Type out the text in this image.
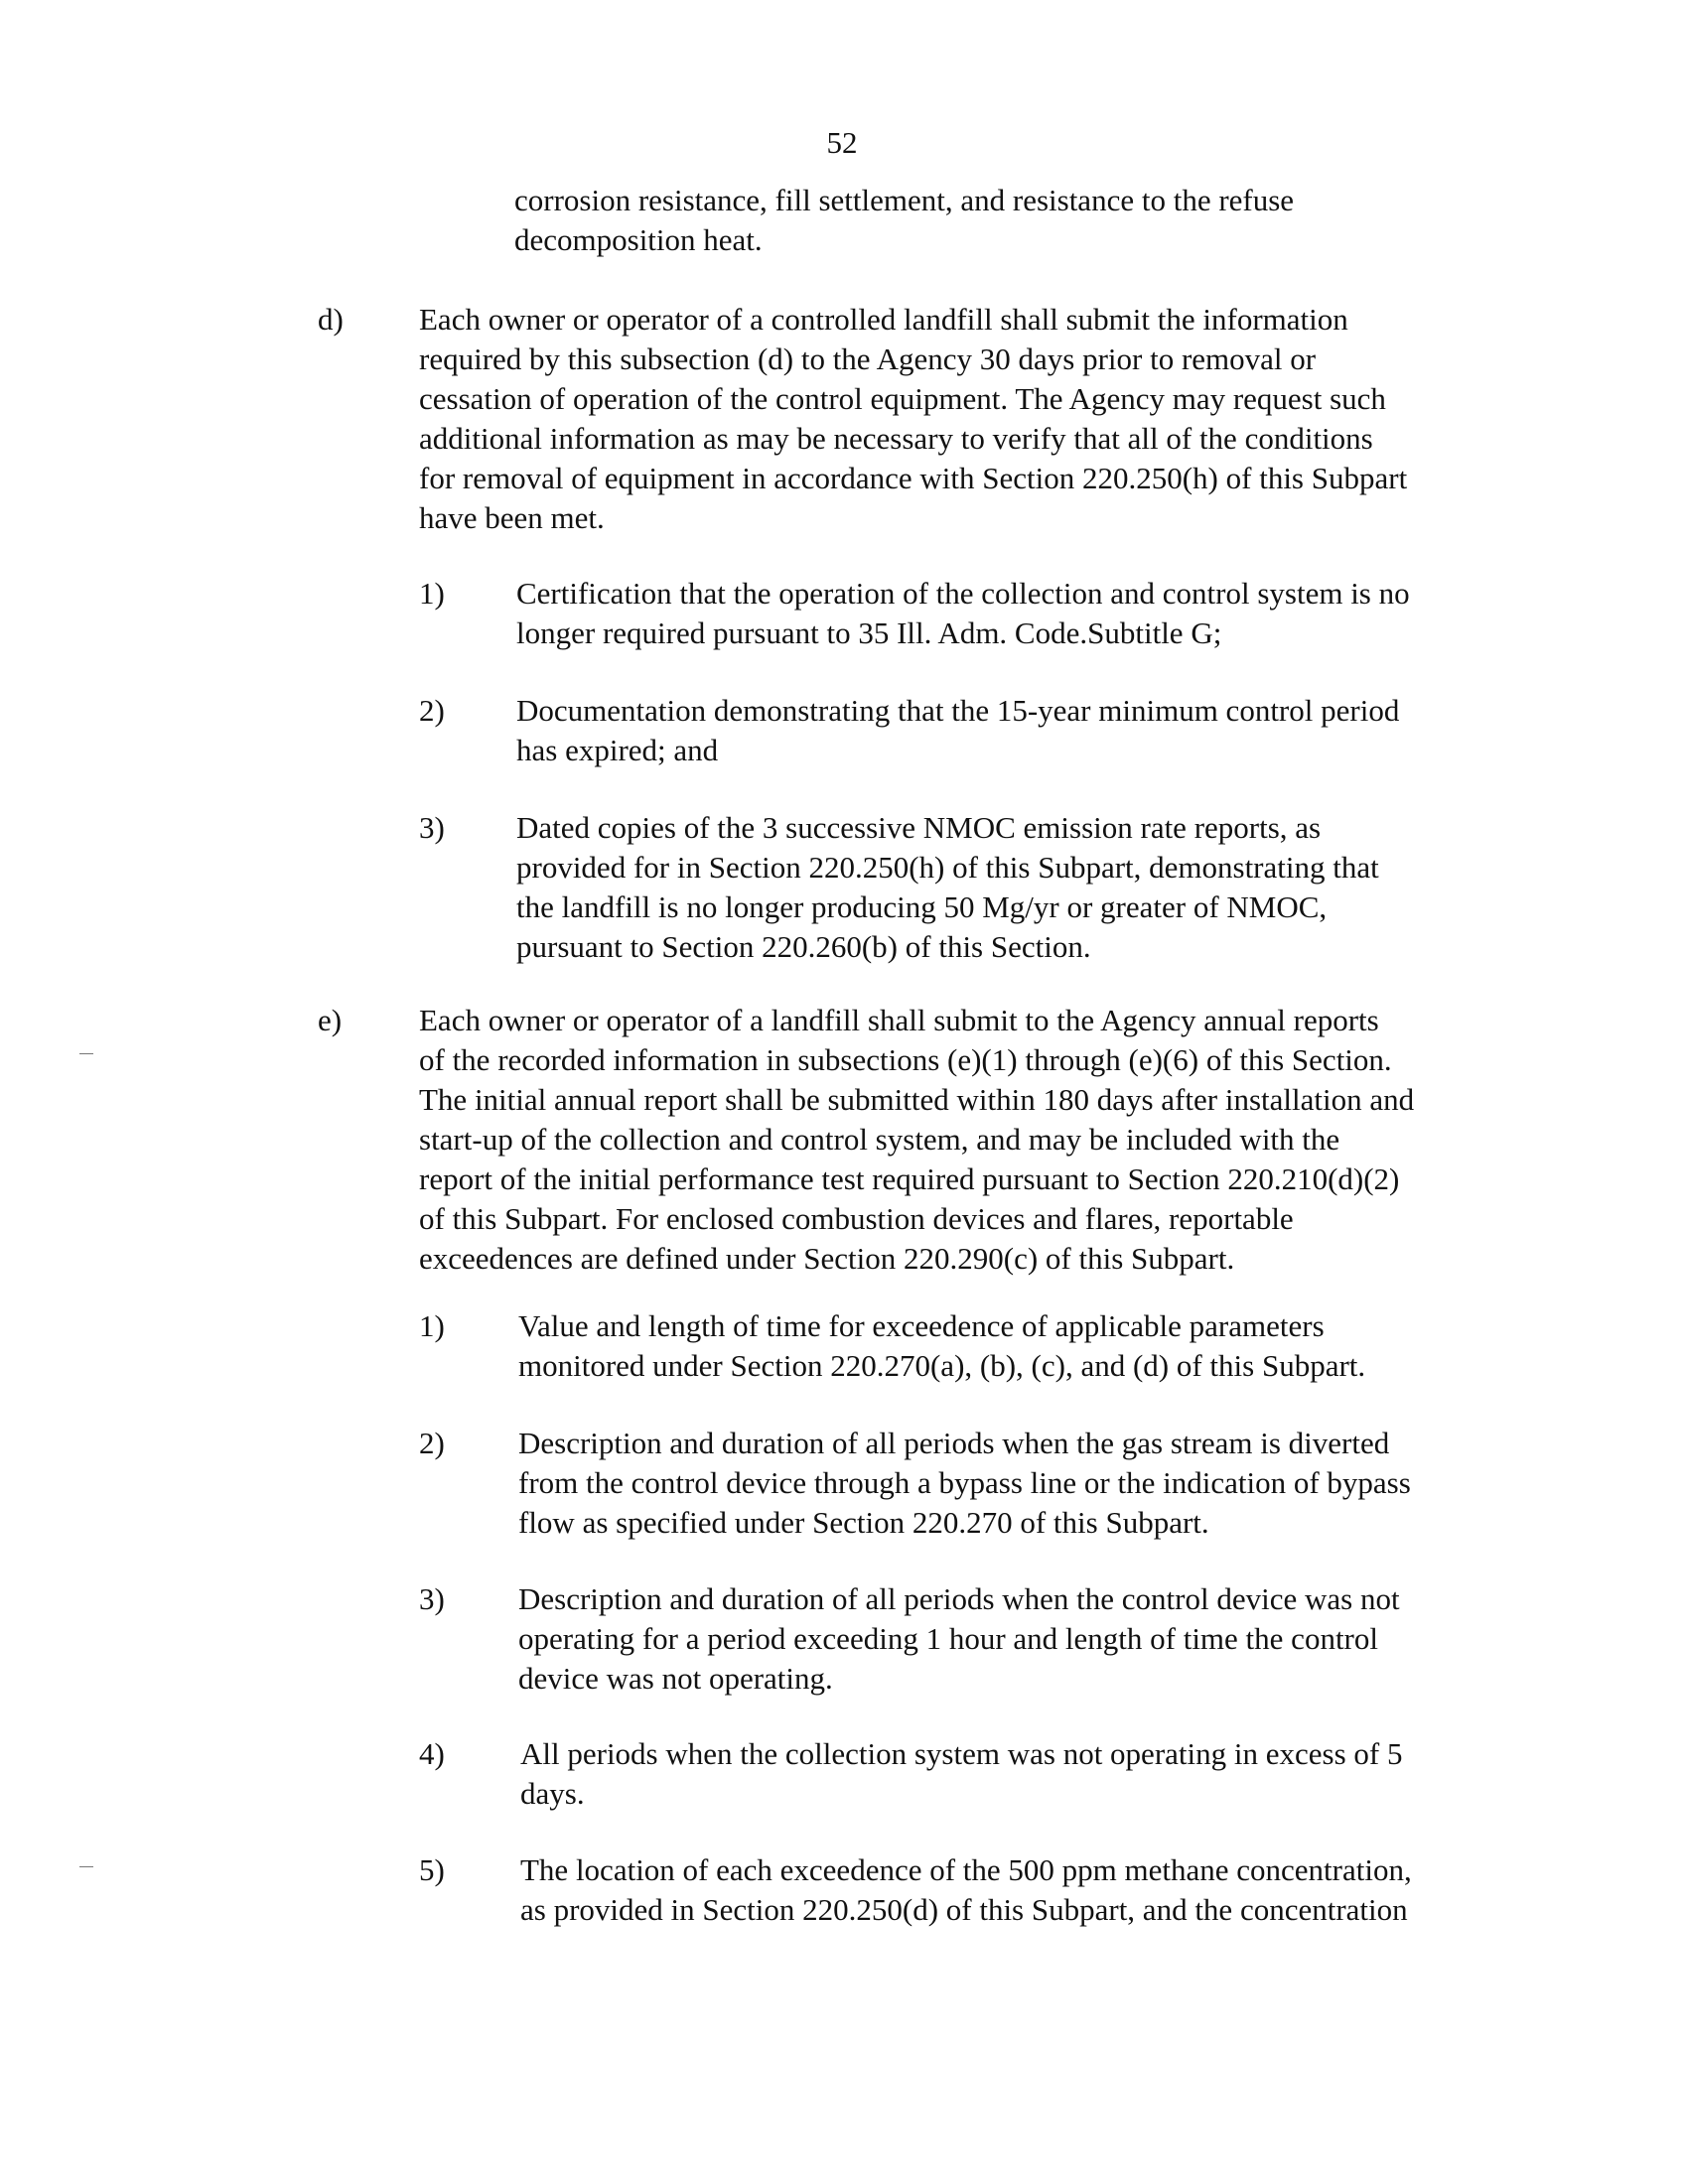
52

corrosion resistance, fill settlement, and resistance to the refuse
decomposition heat.

d) Each owner or operator of a controlled landfill shall submit the information
required by this subsection (d) to the Agency 30 days prior to removal or
cessation of operation of the control equipment. The Agency may request such
additional information as may be necessary to verify that all of the conditions
for removal of equipment in accordance with Section 220.250(h) of this Subpart
have been met.

1) Certification that the operation of the collection and control system is no
longer required pursuant to 35 Ill. Adm. Code.Subtitle G;

2) Documentation demonstrating that the 15-year minimum control period
has expired; and

3) Dated copies of the 3 successive NMOC emission rate reports, as
provided for in Section 220.250(h) of this Subpart, demonstrating that
the landfill is no longer producing 50 Mg/yr or greater of NMOC,
pursuant to Section 220.260(b) of this Section.

e)	Each owner or operator of a landfill shall submit to the Agency annual reports
of the recorded information in subsections (e)(1) through (e)(6) of this Section.
The initial annual report shall be submitted within 180 days after installation and
start-up of the collection and control system, and may be included with the
report of the initial performance test required pursuant to Section 220.210(d)(2)
of this Subpart. For enclosed combustion devices and flares, reportable
exceedences are defined under Section 220.290(c) of this Subpart.

1) Value and length of time for exceedence of applicable parameters
monitored under Section 220.270(a), (b), (c), and (d) of this Subpart.

2) Description and duration of all periods when the gas stream is diverted
from the control device through a bypass line or the indication of bypass
flow as specified under Section 220.270 of this Subpart.

3) Description and duration of all periods when the control device was not
operating for a period exceeding 1 hour and length of time the control
device was not operating.

4) All periods when the collection system was not operating in excess of 5
days.

5) The location of each exceedence of the 500 ppm methane concentration,
as provided in Section 220.250(d) of this Subpart, and the concentration
